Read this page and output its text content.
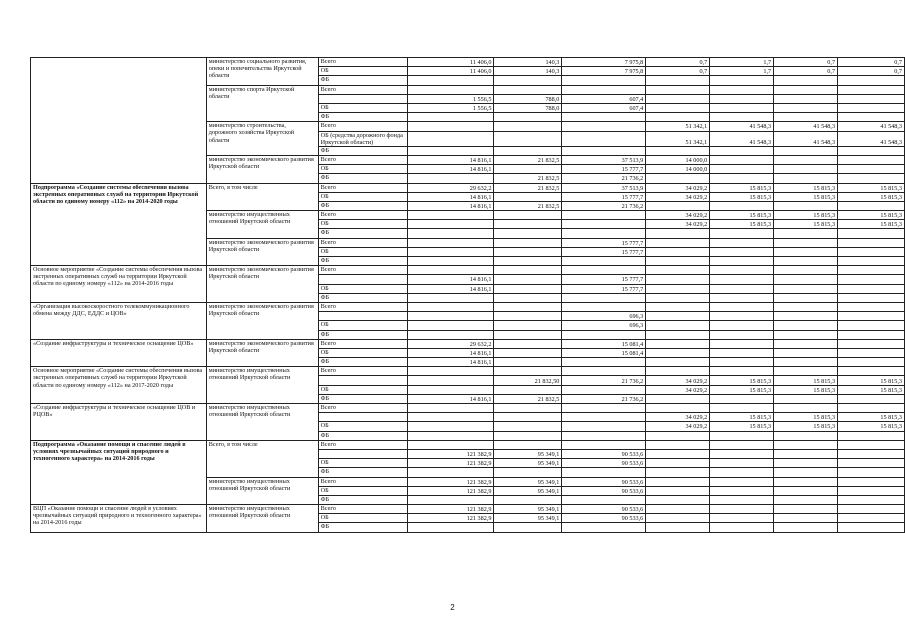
	министерство социального развития, опеки и попечительства Иркутской области	Всего	11 406,0	140,3	7 975,8	0,7	1,7	0,7	0,7
		ОБ	11 406,0	140,3	7 975,8	0,7	1,7	0,7	0,7
		ФБ							
	министерство спорта Иркутской области	Всего							
			1 556,5	788,0	607,4				
		ОБ	1 556,5	788,0	607,4				
		ФБ							
	министерство строительства, дорожного хозяйства Иркутской области	Всего				51 342,1	41 548,3	41 548,3	41 548,3
		ОБ (средства дорожного фонда Иркутской области)				51 342,1	41 548,3	41 548,3	41 548,3
		ФБ							
	министерство экономического развития Иркутской области	Всего	14 816,1	21 832,5	37 513,9	14 000,0			
		ОБ	14 816,1		15 777,7	14 000,0			
		ФБ		21 832,5	21 736,2				
Подпрограмма «Создание системы обеспечения вызова экстренных оперативных служб на территории Иркутской области по единому номеру «112» на 2014-2020 годы	Всего, в том числе	Всего	29 632,2	21 832,5	37 513,9	34 029,2	15 815,3	15 815,3	15 815,3
		ОБ	14 816,1		15 777,7	34 029,2	15 815,3	15 815,3	15 815,3
		ФБ	14 816,1	21 832,5	21 736,2				
	министерство имущественных отношений Иркутской области	Всего				34 029,2	15 815,3	15 815,3	15 815,3
		ОБ				34 029,2	15 815,3	15 815,3	15 815,3
		ФБ							
	министерство экономического развития Иркутской области	Всего			15 777,7				
		ОБ			15 777,7				
		ФБ							
Основное мероприятие «Создание системы обеспечения вызова экстренных оперативных служб на территории Иркутской области по единому номеру «112» на 2014-2016 годы	министерство экономического развития Иркутской области	Всего							
			14 816,1		15 777,7				
		ОБ	14 816,1		15 777,7				
		ФБ							
«Организация высокоскоростного телекоммуникационного обмена между ДДС, ЕДДС и ЦОВ»	министерство экономического развития Иркутской области	Всего							
					696,3				
		ОБ			696,3				
		ФБ							
«Создание инфраструктуры и техническое оснащение ЦОВ»	министерство экономического развития Иркутской области	Всего	29 632,2		15 081,4				
		ОБ	14 816,1		15 081,4				
		ФБ	14 816,1						
Основное мероприятие «Создание системы обеспечения вызова экстренных оперативных служб на территории Иркутской области по единому номеру «112» на 2017-2020 годы	министерство имущественных отношений Иркутской области	Всего							
				21 832,50	21 736,2	34 029,2	15 815,3	15 815,3	15 815,3
		ОБ				34 029,2	15 815,3	15 815,3	15 815,3
		ФБ	14 816,1	21 832,5	21 736,2				
«Создание инфраструктуры и техническое оснащение ЦОВ и РЦОВ»	министерство имущественных отношений Иркутской области	Всего							
						34 029,2	15 815,3	15 815,3	15 815,3
		ОБ				34 029,2	15 815,3	15 815,3	15 815,3
		ФБ							
Подпрограмма «Оказание помощи и спасение людей в условиях чрезвычайных ситуаций природного и техногенного характера» на 2014-2016 годы	Всего, в том числе	Всего							
			121 382,9	95 349,1	90 533,6				
		ОБ	121 382,9	95 349,1	90 533,6				
		ФБ							
	министерство имущественных отношений Иркутской области	Всего	121 382,9	95 349,1	90 533,6				
		ОБ	121 382,9	95 349,1	90 533,6				
		ФБ							
ВЦП «Оказание помощи и спасение людей в условиях чрезвычайных ситуаций природного и техногенного характера» на 2014-2016 годы	министерство имущественных отношений Иркутской области	Всего	121 382,9	95 349,1	90 533,6				
		ОБ	121 382,9	95 349,1	90 533,6				
		ФБ							
2
